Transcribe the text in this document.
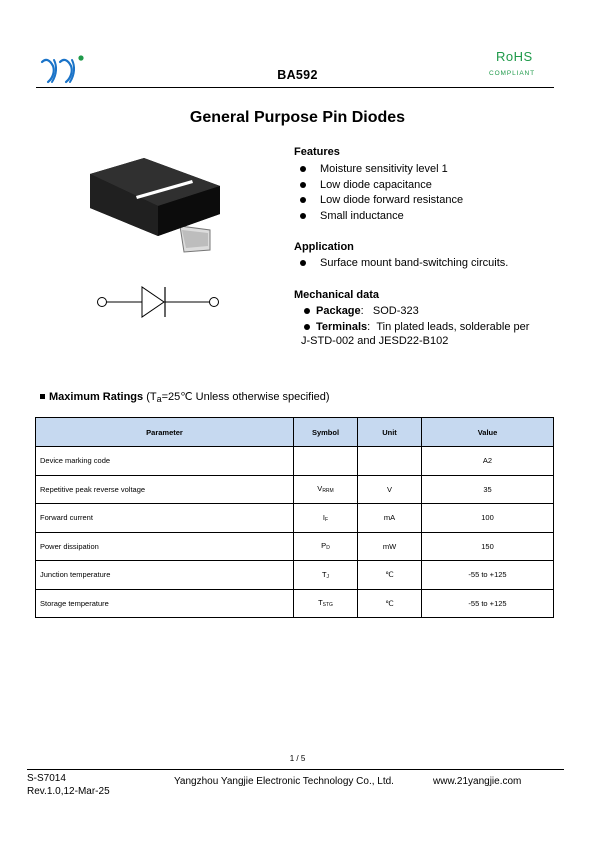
BA592
RoHS
COMPLIANT
General Purpose Pin Diodes
Features
Moisture sensitivity level 1
Low diode capacitance
Low diode forward resistance
Small inductance
Application
Surface mount band-switching circuits.
Mechanical data
Package: SOD-323
Terminals: Tin plated leads, solderable per
J-STD-002 and JESD22-B102
Maximum Ratings (Ta=25℃ Unless otherwise specified)
Parameter	Symbol	Unit	Value
Device marking code			A2
Repetitive peak reverse voltage	$V_{RRM}$	V	35
Forward current	$I_F$	mA	100
Power dissipation	$P_D$	mW	150
Junction temperature	$T_J$	℃	-55 to +125
Storage temperature	$T_{STG}$	℃	-55 to +125
1 / 5
S-S7014
Rev.1.0,12-Mar-25
Yangzhou Yangjie Electronic Technology Co., Ltd.	www.21yangjie.com
